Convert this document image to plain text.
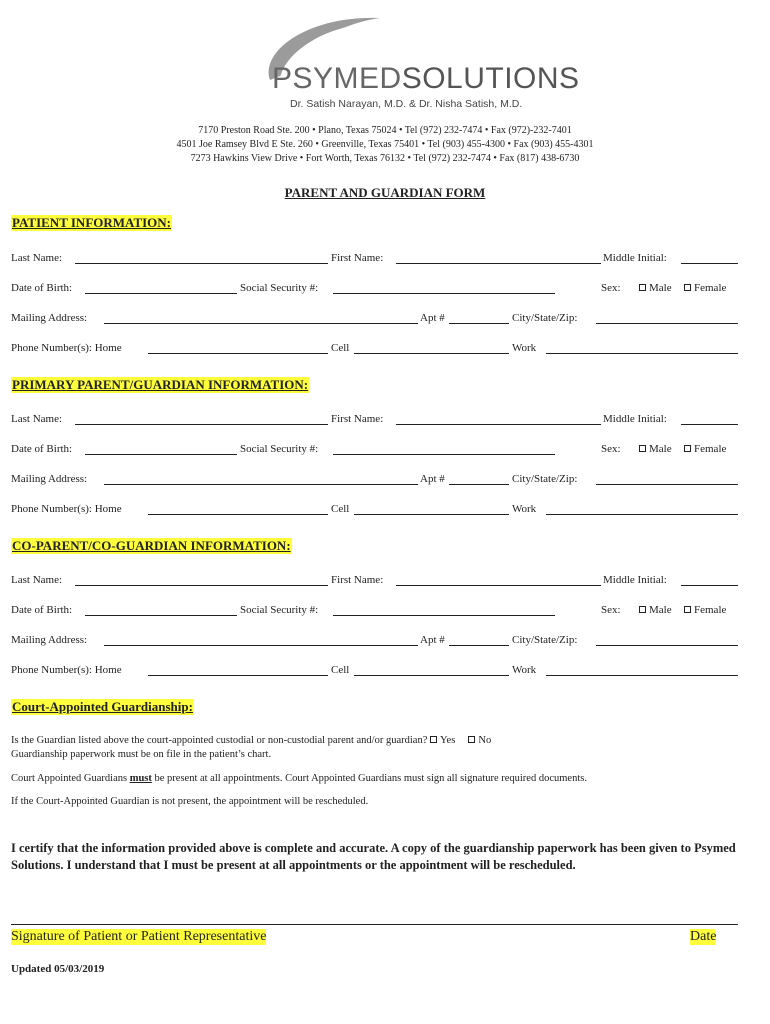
PSYMEDSOLUTIONS
Dr. Satish Narayan, M.D. & Dr. Nisha Satish, M.D.
7170 Preston Road Ste. 200 • Plano, Texas 75024 • Tel (972) 232-7474 • Fax (972)-232-7401
4501 Joe Ramsey Blvd E Ste. 260 • Greenville, Texas 75401 • Tel (903) 455-4300 • Fax (903) 455-4301
7273 Hawkins View Drive • Fort Worth, Texas 76132 • Tel (972) 232-7474 • Fax (817) 438-6730
PARENT AND GUARDIAN FORM
PATIENT INFORMATION:
Last Name:	First Name:	Middle Initial:
Date of Birth:	Social Security #:	Sex:	Male	Female
Mailing Address:	Apt #	City/State/Zip:
Phone Number(s): Home	Cell	Work
PRIMARY PARENT/GUARDIAN INFORMATION:
Last Name:	First Name:	Middle Initial:
Date of Birth:	Social Security #:	Sex:	Male	Female
Mailing Address:	Apt #	City/State/Zip:
Phone Number(s): Home	Cell	Work
CO-PARENT/CO-GUARDIAN INFORMATION:
Last Name:	First Name:	Middle Initial:
Date of Birth:	Social Security #:	Sex:	Male	Female
Mailing Address:	Apt #	City/State/Zip:
Phone Number(s): Home	Cell	Work
Court-Appointed Guardianship:
Is the Guardian listed above the court-appointed custodial or non-custodial parent and/or guardian? Yes No
Guardianship paperwork must be on file in the patient’s chart.
Court Appointed Guardians must be present at all appointments. Court Appointed Guardians must sign all signature required documents.
If the Court-Appointed Guardian is not present, the appointment will be rescheduled.
I certify that the information provided above is complete and accurate. A copy of the guardianship paperwork has been given to Psymed Solutions. I understand that I must be present at all appointments or the appointment will be rescheduled.
Signature of Patient or Patient Representative	Date
Updated 05/03/2019
